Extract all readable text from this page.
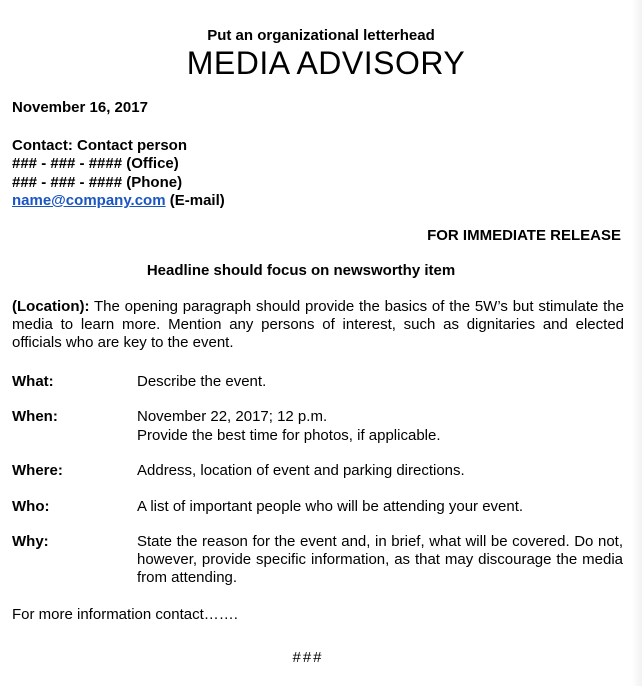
Put an organizational letterhead
MEDIA ADVISORY
November 16, 2017
Contact: Contact person
### - ### - #### (Office)
### - ### - #### (Phone)
name@company.com (E-mail)
FOR IMMEDIATE RELEASE
Headline should focus on newsworthy item
(Location): The opening paragraph should provide the basics of the 5W’s but stimulate the media to learn more. Mention any persons of interest, such as dignitaries and elected officials who are key to the event.
What:	Describe the event.
When:	November 22, 2017; 12 p.m.
Provide the best time for photos, if applicable.
Where:	Address, location of event and parking directions.
Who:	A list of important people who will be attending your event.
Why:	State the reason for the event and, in brief, what will be covered. Do not, however, provide specific information, as that may discourage the media from attending.
For more information contact…….
###
